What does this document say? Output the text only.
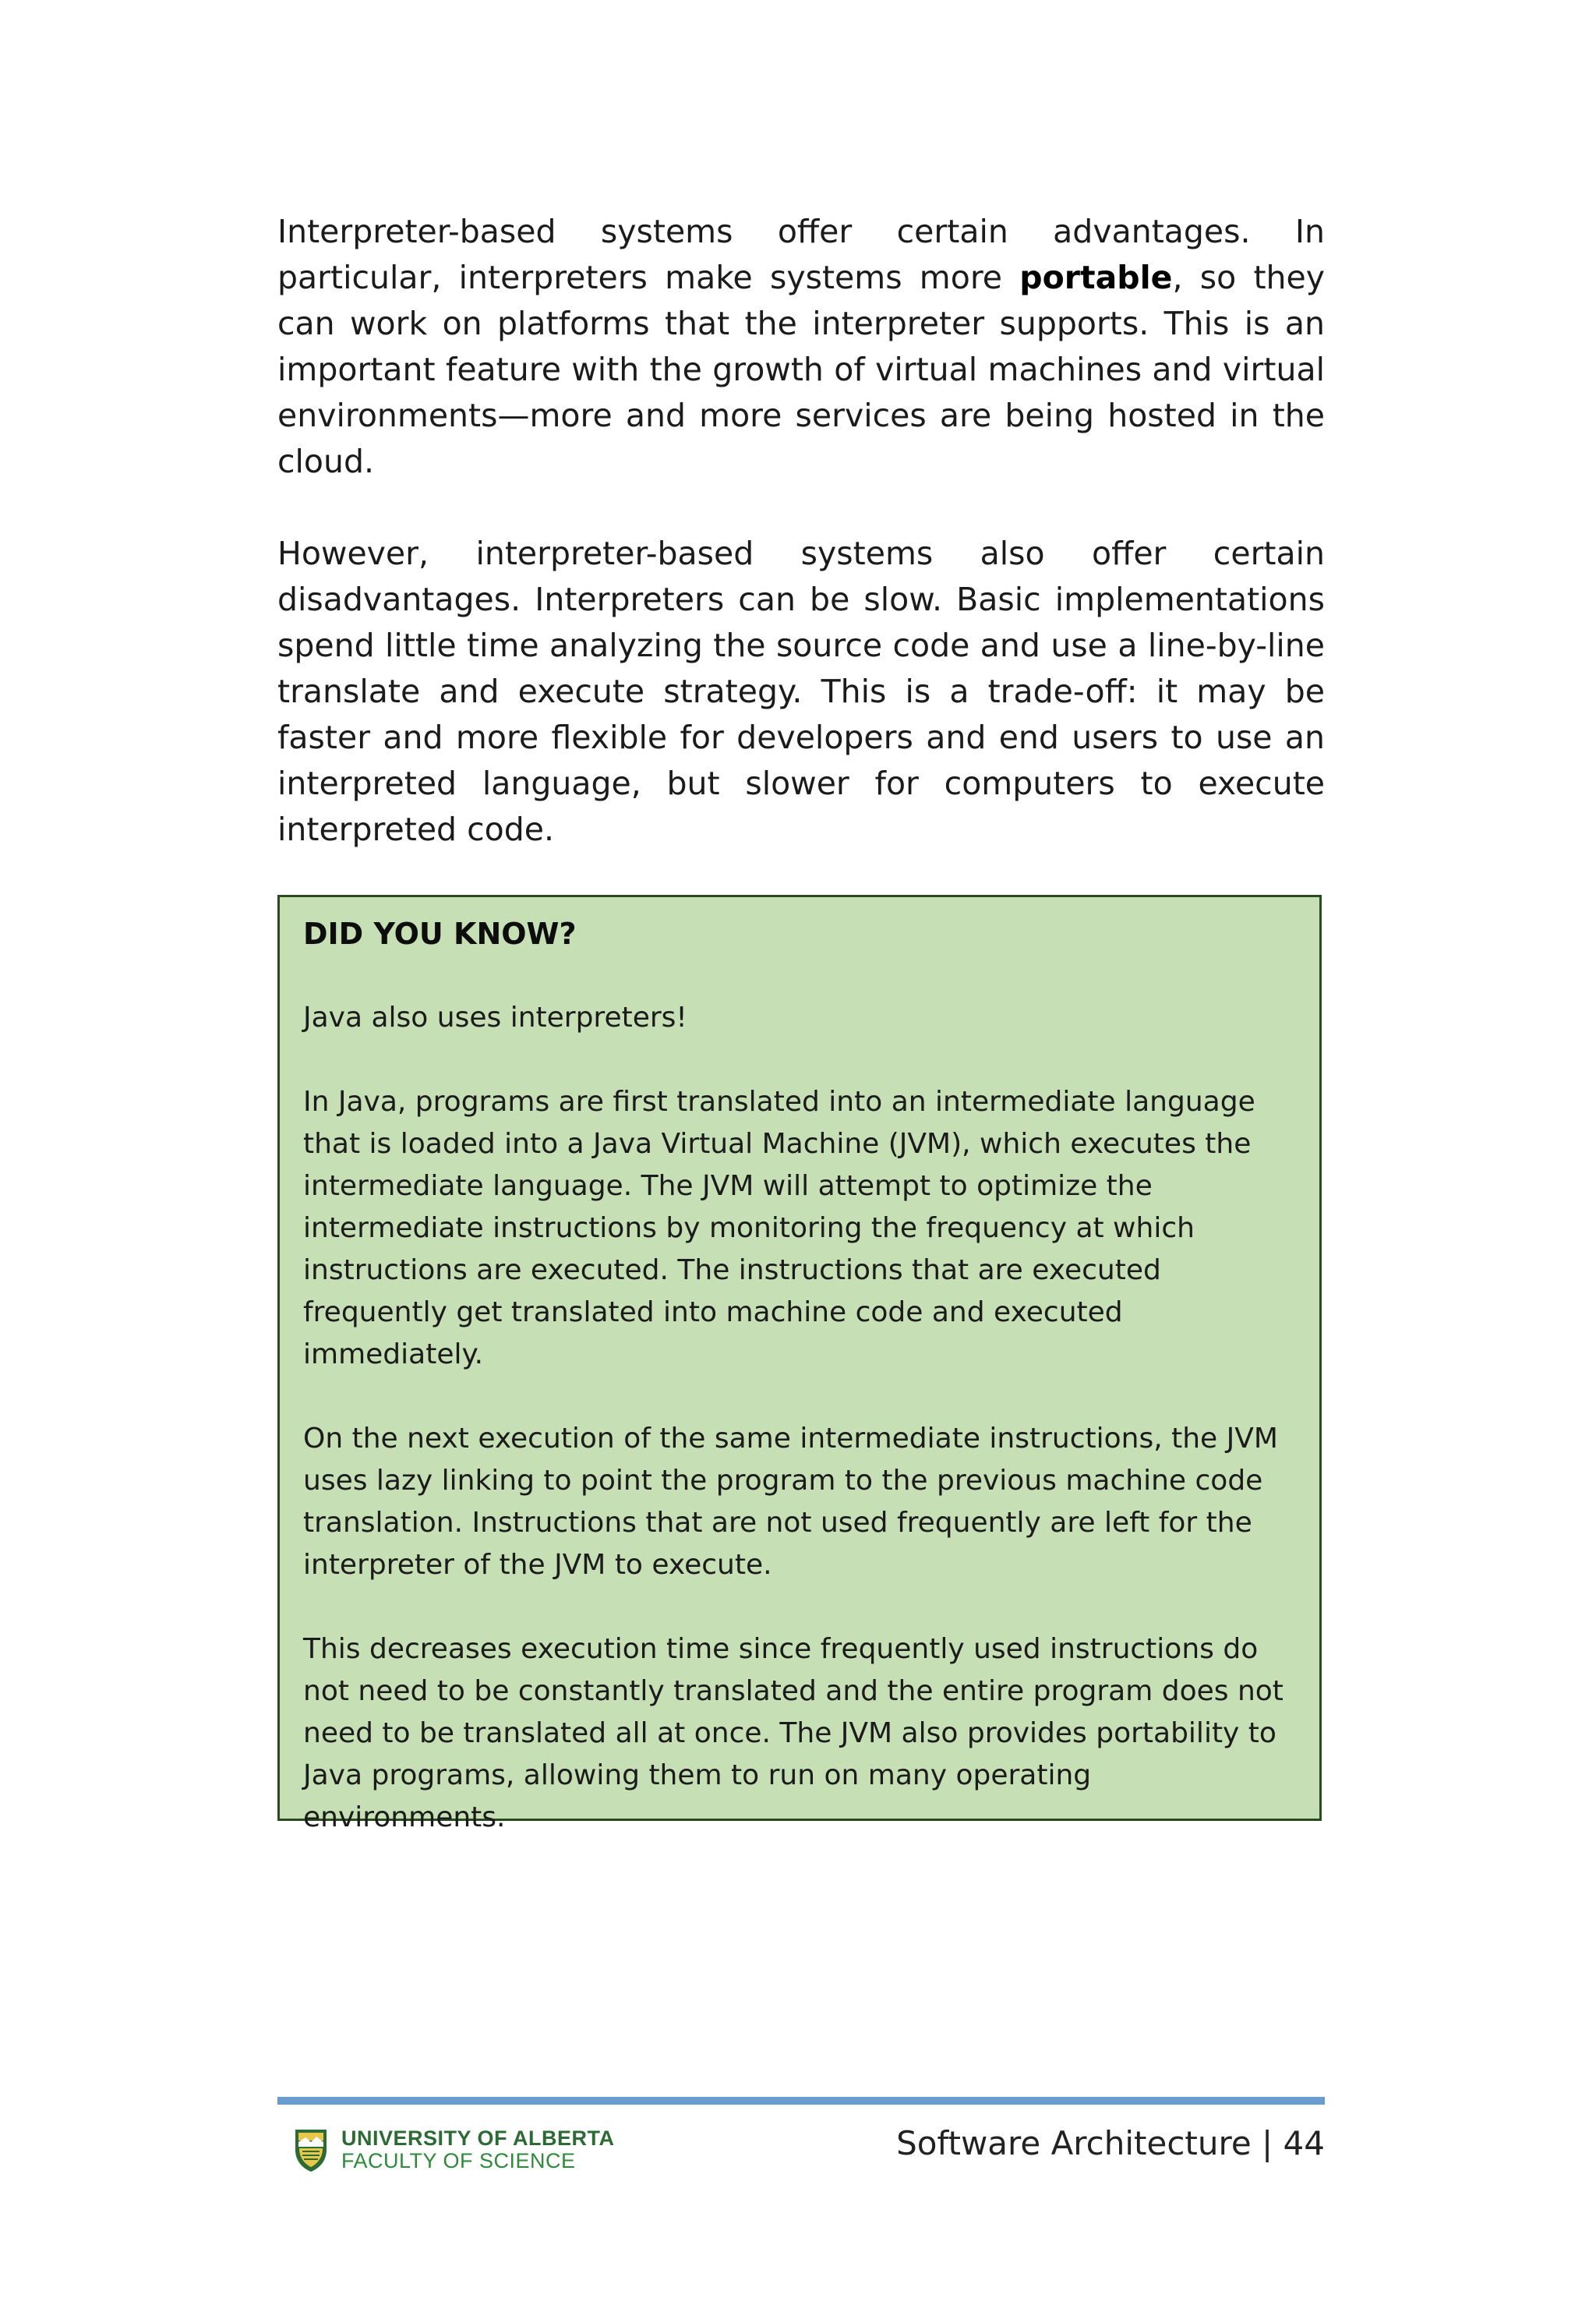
Interpreter-based systems offer certain advantages. In particular, interpreters make systems more portable, so they can work on platforms that the interpreter supports. This is an important feature with the growth of virtual machines and virtual environments—more and more services are being hosted in the cloud.

However, interpreter-based systems also offer certain disadvantages. Interpreters can be slow. Basic implementations spend little time analyzing the source code and use a line-by-line translate and execute strategy. This is a trade-off: it may be faster and more flexible for developers and end users to use an interpreted language, but slower for computers to execute interpreted code.

DID YOU KNOW?

Java also uses interpreters!

In Java, programs are first translated into an intermediate language that is loaded into a Java Virtual Machine (JVM), which executes the intermediate language. The JVM will attempt to optimize the intermediate instructions by monitoring the frequency at which instructions are executed. The instructions that are executed frequently get translated into machine code and executed immediately.

On the next execution of the same intermediate instructions, the JVM uses lazy linking to point the program to the previous machine code translation. Instructions that are not used frequently are left for the interpreter of the JVM to execute.

This decreases execution time since frequently used instructions do not need to be constantly translated and the entire program does not need to be translated all at once. The JVM also provides portability to Java programs, allowing them to run on many operating environments.

UNIVERSITY OF ALBERTA
FACULTY OF SCIENCE	Software Architecture | 44
